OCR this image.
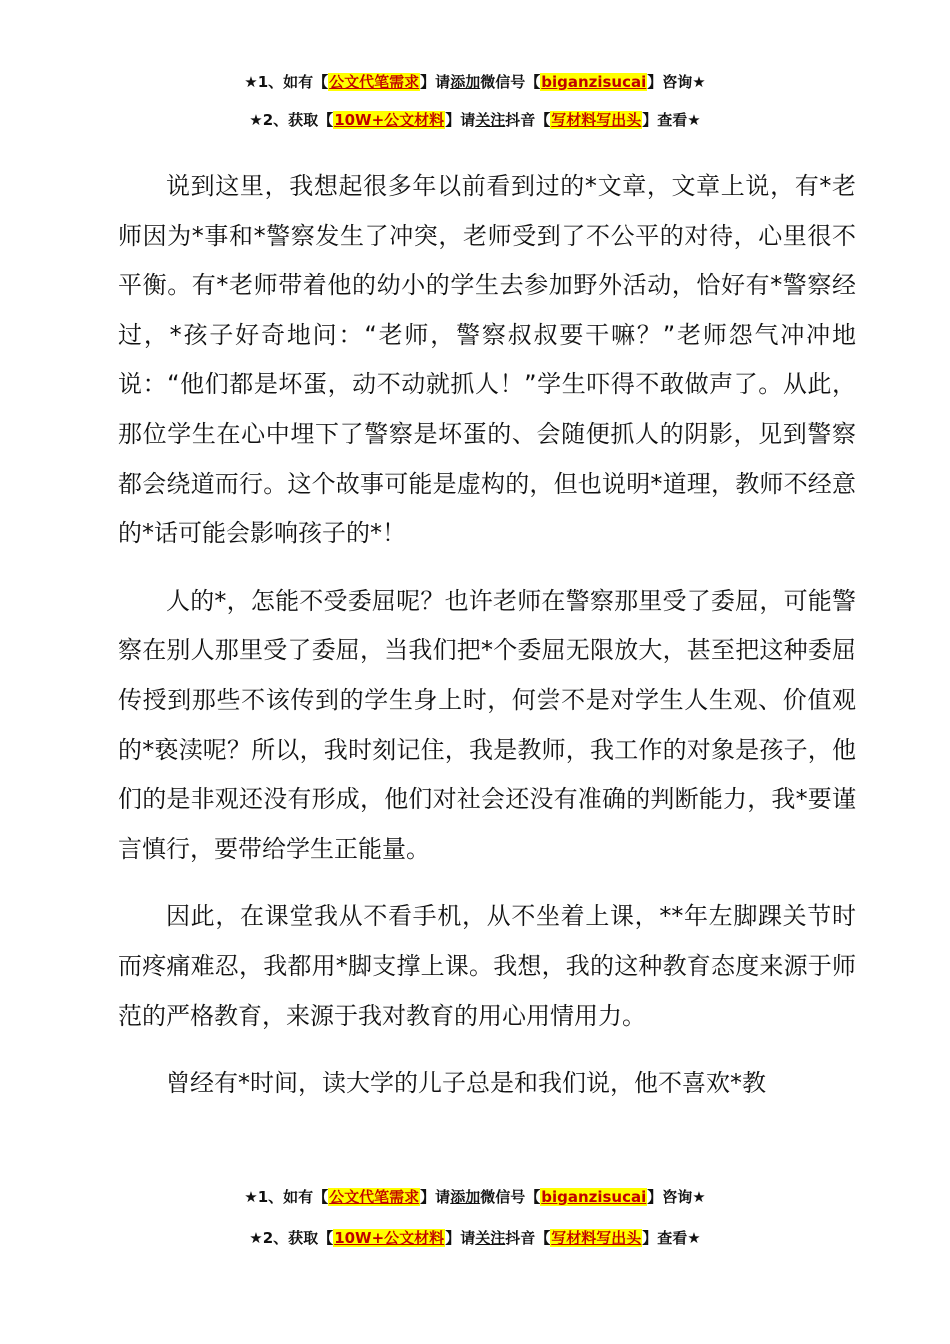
★1、如有【公文代笔需求】请添加微信号【biganzisucai】咨询★
★2、获取【10W+公文材料】请关注抖音【写材料写出头】查看★

说到这里，我想起很多年以前看到过的*文章，文章上说，有*老师因为*事和*警察发生了冲突，老师受到了不公平的对待，心里很不平衡。有*老师带着他的幼小的学生去参加野外活动，恰好有*警察经过，*孩子好奇地问：“老师，警察叔叔要干嘛？”老师怨气冲冲地说：“他们都是坏蛋，动不动就抓人！”学生吓得不敢做声了。从此，那位学生在心中埋下了警察是坏蛋的、会随便抓人的阴影，见到警察都会绕道而行。这个故事可能是虚构的，但也说明*道理，教师不经意的*话可能会影响孩子的*！

人的*，怎能不受委屈呢？也许老师在警察那里受了委屈，可能警察在别人那里受了委屈，当我们把*个委屈无限放大，甚至把这种委屈传授到那些不该传到的学生身上时，何尝不是对学生人生观、价值观的*亵渎呢？所以，我时刻记住，我是教师，我工作的对象是孩子，他们的是非观还没有形成，他们对社会还没有准确的判断能力，我*要谨言慎行，要带给学生正能量。

因此，在课堂我从不看手机，从不坐着上课，**年左脚踝关节时而疼痛难忍，我都用*脚支撑上课。我想，我的这种教育态度来源于师范的严格教育，来源于我对教育的用心用情用力。

曾经有*时间，读大学的儿子总是和我们说，他不喜欢*教

★1、如有【公文代笔需求】请添加微信号【biganzisucai】咨询★
★2、获取【10W+公文材料】请关注抖音【写材料写出头】查看★
